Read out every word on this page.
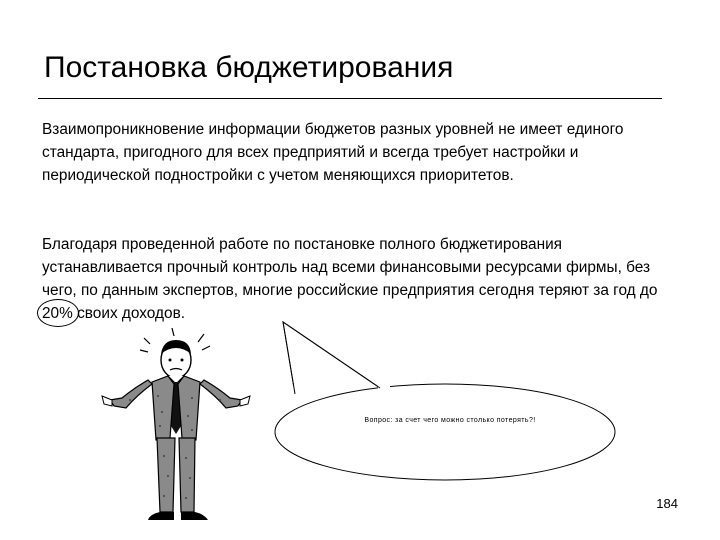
Постановка бюджетирования
Взаимопроникновение информации бюджетов разных уровней не имеет единого стандарта, пригодного для всех предприятий и всегда требует настройки и периодической подностройки с учетом меняющихся приоритетов.
Благодаря проведенной работе по постановке полного бюджетирования устанавливается прочный контроль над всеми финансовыми ресурсами фирмы, без чего, по данным экспертов, многие российские предприятия сегодня теряют за год до 20%
своих доходов.
Вопрос: за счет чего можно столько потерять?!
184
